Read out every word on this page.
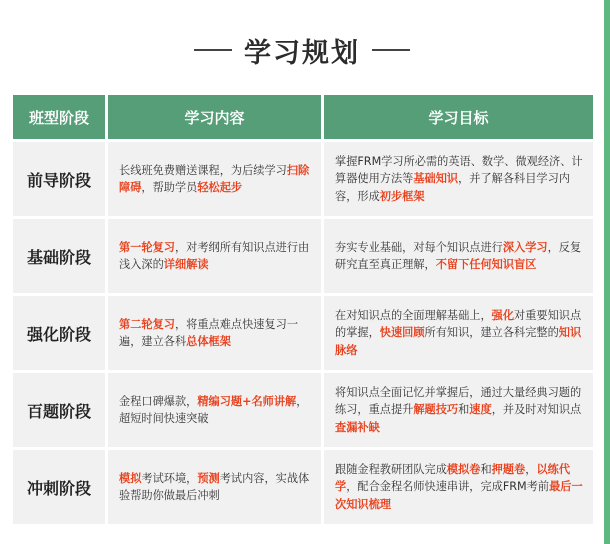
学习规划
班型阶段	学习内容	学习目标
前导阶段
长线班免费赠送课程，为后续学习扫除障碍，帮助学员轻松起步
掌握FRM学习所必需的英语、数学、微观经济、计算器使用方法等基础知识，并了解各科目学习内容，形成初步框架
基础阶段
第一轮复习，对考纲所有知识点进行由浅入深的详细解读
夯实专业基础，对每个知识点进行深入学习，反复研究直至真正理解，不留下任何知识盲区
强化阶段
第二轮复习，将重点难点快速复习一遍，建立各科总体框架
在对知识点的全面理解基础上，强化对重要知识点的掌握，快速回顾所有知识，建立各科完整的知识脉络
百题阶段
金程口碑爆款，精编习题+名师讲解，超短时间快速突破
将知识点全面记忆并掌握后，通过大量经典习题的练习，重点提升解题技巧和速度，并及时对知识点查漏补缺
冲刺阶段
模拟考试环境，预测考试内容，实战体验帮助你做最后冲刺
跟随金程教研团队完成模拟卷和押题卷，以练代学，配合金程名师快速串讲，完成FRM考前最后一次知识梳理
